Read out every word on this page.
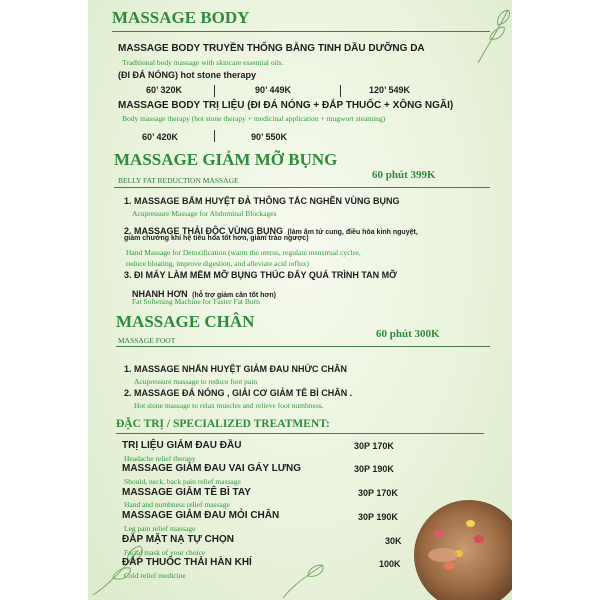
MASSAGE BODY
MASSAGE BODY TRUYỀN THỐNG BẰNG TINH DẦU DƯỠNG DA
Traditional body massage with skincare essential oils.
(ĐI ĐÁ NÓNG) hot stone therapy
60’ 320K	90’ 449K	120’ 549K
MASSAGE BODY TRỊ LIỆU (ĐI ĐÁ NÓNG + ĐẮP THUỐC + XÔNG NGÃI)
Body massage therapy (hot stone therapy + medicinal application + mugwort steaming)
60’ 420K	90’ 550K
MASSAGE GIẢM MỠ BỤNG
BELLY FAT REDUCTION MASSAGE	60 phút 399K
1. MASSAGE BẤM HUYỆT ĐẢ THÔNG TẮC NGHẼN VÙNG BỤNG
Acupressure Massage for Abdominal Blockages
2. MASSAGE THẢI ĐỘC VÙNG BỤNG (làm ấm tử cung, điều hòa kinh nguyệt,
giảm chướng khí hệ tiêu hóa tốt hơn, giảm trào ngược)
Hand Massage for Detoxification (warm the uterus, regulate menstrual cycles,
reduce bloating, improve digestion, and alleviate acid reflux)
3. ĐI MÁY LÀM MỀM MỠ BỤNG THÚC ĐẨY QUÁ TRÌNH TAN MỠ
NHANH HƠN (hỗ trợ giảm cân tốt hơn)
Fat Softening Machine for Faster Fat Burn
MASSAGE CHÂN
MASSAGE FOOT
60 phút 300K
1. MASSAGE NHẤN HUYỆT GIẢM ĐAU NHỨC CHÂN
Acupressure massage to reduce foot pain
2. MASSAGE ĐÁ NÓNG , GIẢI CƠ GIẢM TÊ BÌ CHÂN .
Hot stone massage to relax muscles and relieve foot numbness.
ĐẶC TRỊ / SPECIALIZED TREATMENT:
TRỊ LIỆU GIẢM ĐAU ĐẦU	30P 170K
Headache relief therapy
MASSAGE GIẢM ĐAU VAI GÁY LƯNG	30P 190K
Should, neck, back pain relief massage
MASSAGE GIẢM TÊ BÌ TAY	30P 170K
Hand and numbness relief massage
MASSAGE GIẢM ĐAU MỎI CHÂN	30P 190K
Leg pain relief massage
ĐẮP MẶT NẠ TỰ CHỌN	30K
Facial mask of your choice
ĐẮP THUỐC THẢI HÀN KHÍ	100K
Cold relief medicine
